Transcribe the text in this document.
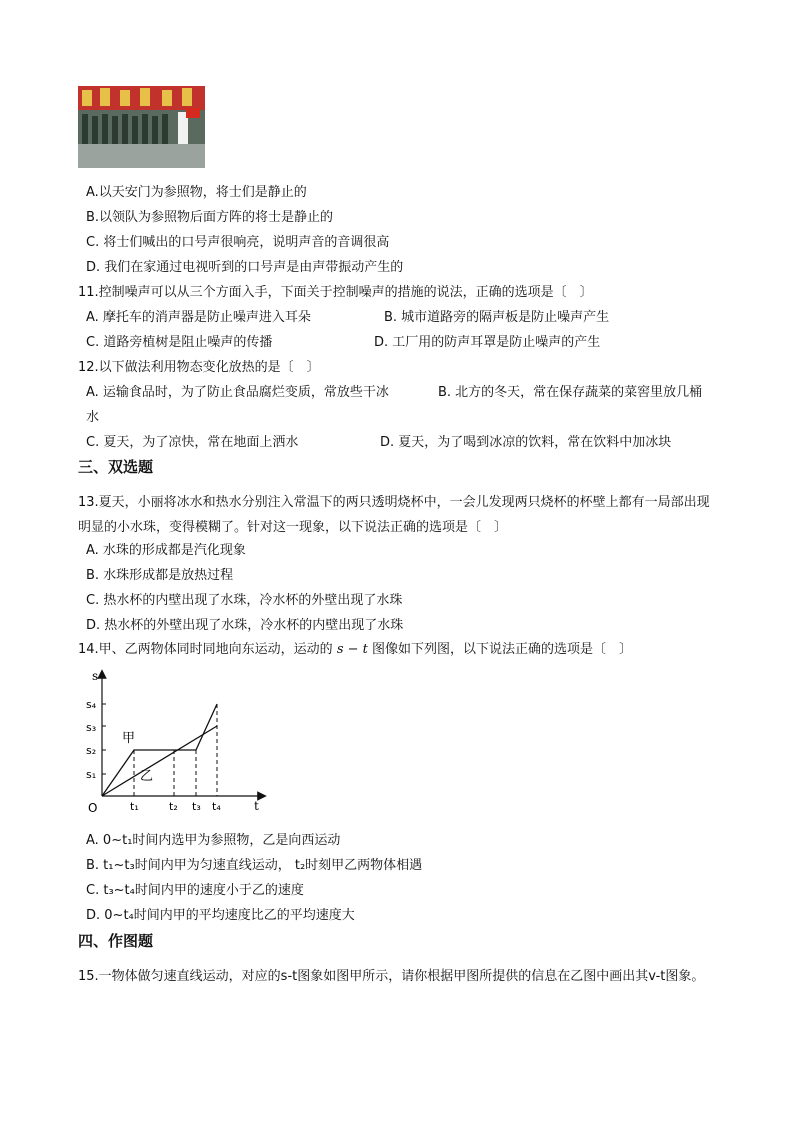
A.以天安门为参照物，将士们是静止的
B.以领队为参照物后面方阵的将士是静止的
C. 将士们喊出的口号声很响亮，说明声音的音调很高
D. 我们在家通过电视听到的口号声是由声带振动产生的
11.控制噪声可以从三个方面入手，下面关于控制噪声的措施的说法，正确的选项是〔　〕
A. 摩托车的消声器是防止噪声进入耳朵	B. 城市道路旁的隔声板是防止噪声产生
C. 道路旁植树是阻止噪声的传播	D. 工厂用的防声耳罩是防止噪声的产生
12.以下做法利用物态变化放热的是〔　〕
A. 运输食品时，为了防止食品腐烂变质，常放些干冰	B. 北方的冬天，常在保存蔬菜的菜窖里放几桶
水
C. 夏天，为了凉快，常在地面上洒水	D. 夏天，为了喝到冰凉的饮料，常在饮料中加冰块
三、双选题
13.夏天，小丽将冰水和热水分别注入常温下的两只透明烧杯中，一会儿发现两只烧杯的杯壁上都有一局部出现明显的小水珠，变得模糊了。针对这一现象，以下说法正确的选项是〔　〕
A. 水珠的形成都是汽化现象
B. 水珠形成都是放热过程
C. 热水杯的内壁出现了水珠，冷水杯的外壁出现了水珠
D. 热水杯的外壁出现了水珠，冷水杯的内壁出现了水珠
14.甲、乙两物体同时同地向东运动，运动的 s − t 图像如下列图，以下说法正确的选项是〔　〕
s
t
O
s₁
s₂
s₃
s₄
t₁	t₂ t₃ t₄
甲
乙
A. 0~t₁时间内选甲为参照物，乙是向西运动
B. t₁~t₃时间内甲为匀速直线运动， t₂时刻甲乙两物体相遇
C. t₃~t₄时间内甲的速度小于乙的速度
D. 0~t₄时间内甲的平均速度比乙的平均速度大
四、作图题
15.一物体做匀速直线运动，对应的s-t图象如图甲所示，请你根据甲图所提供的信息在乙图中画出其v-t图象。
